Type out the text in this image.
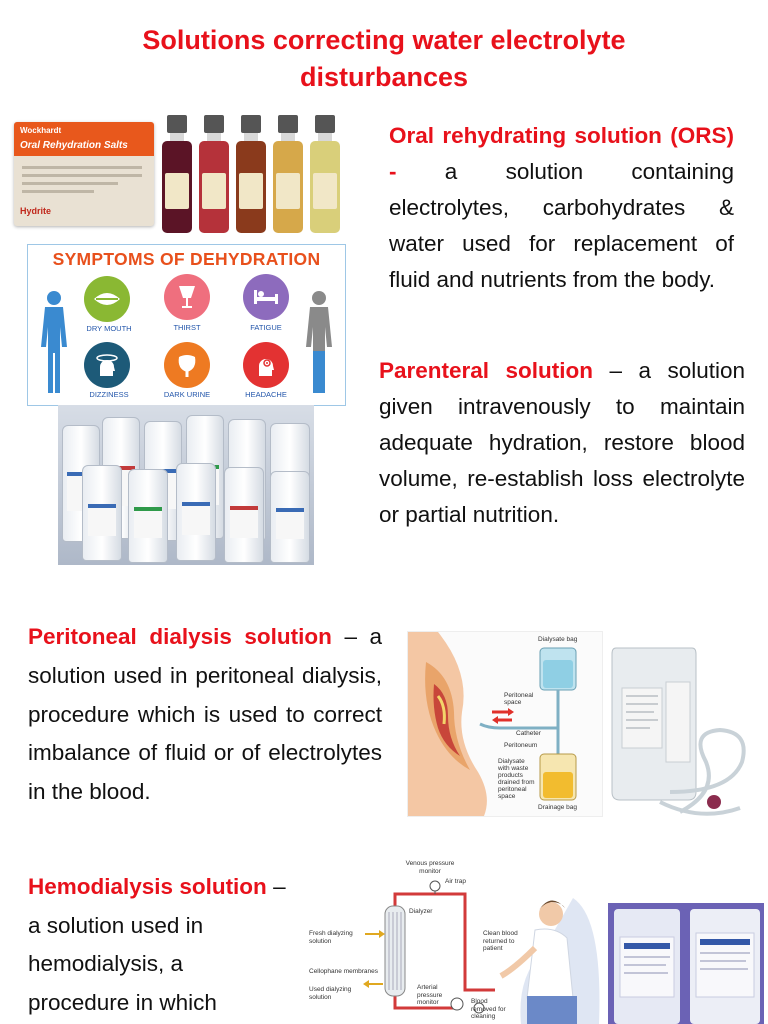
Solutions correcting water electrolyte
disturbances
Wockhardt
Oral Rehydration Salts
Hydrite
Oral rehydrating solution (ORS) - a solution containing electrolytes, carbohydrates & water used for replacement of fluid and nutrients from the body.
SYMPTOMS OF DEHYDRATION
DRY MOUTH	THIRST	FATIGUE
DIZZINESS	DARK URINE	HEADACHE
Parenteral solution – a solution given intravenously to maintain adequate hydration, restore blood volume, re-establish loss electrolyte or partial nutrition.
Peritoneal dialysis solution – a solution used in peritoneal dialysis, procedure which is used to correct imbalance of fluid or of electrolytes in the blood.
Dialysate bag
Peritoneal space
Catheter
Peritoneum
Dialysate with waste products drained from peritoneal space
Drainage bag
Hemodialysis solution – a solution used in hemodialysis, a procedure in which
Venous pressure monitor
Air trap
Dialyzer
Fresh dialyzing solution
Clean blood returned to patient
Cellophane membranes
Used dialyzing solution
Arterial pressure monitor	Blood removed for cleaning
